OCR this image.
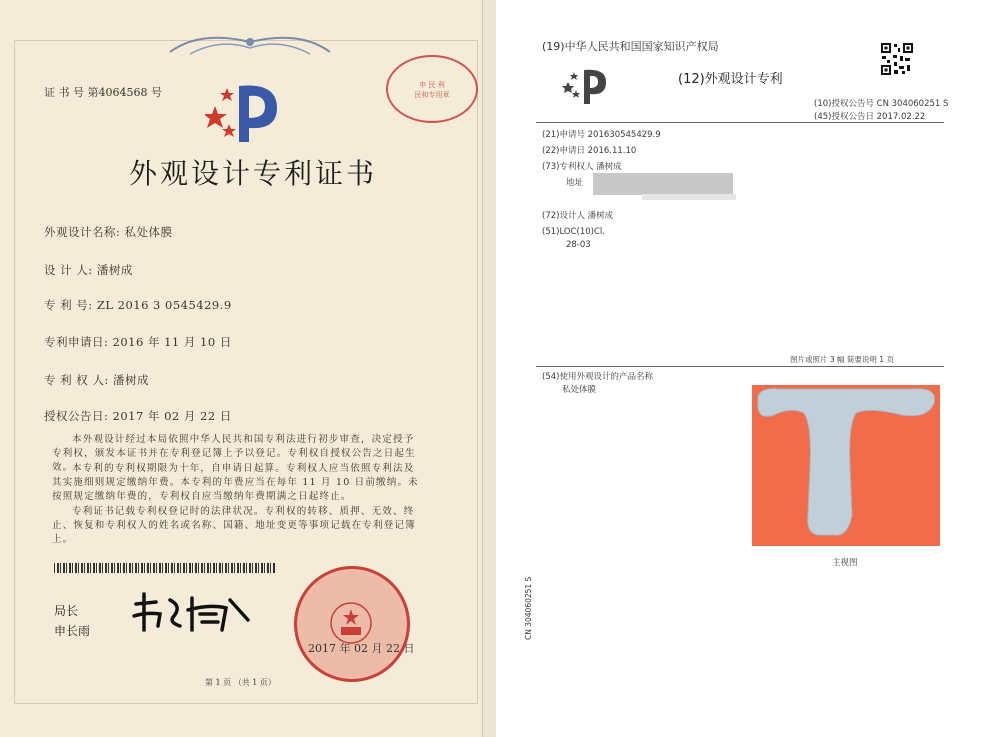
申 民 利
民和专用章
证 书 号 第4064568 号
外观设计专利证书
外观设计名称: 私处体膜
设 计 人: 潘树成
专 利 号: ZL 2016 3 0545429.9
专利申请日: 2016 年 11 月 10 日
专 利 权 人: 潘树成
授权公告日: 2017 年 02 月 22 日
本外观设计经过本局依照中华人民共和国专利法进行初步审查，决定授予专利权，颁发本证书并在专利登记簿上予以登记。专利权自授权公告之日起生效。
本专利的专利权期限为十年，自申请日起算。专利权人应当依照专利法及其实施细则规定缴纳年费。本专利的年费应当在每年 11 月 10 日前缴纳。未按照规定缴纳年费的，专利权自应当缴纳年费期满之日起终止。
专利证书记载专利权登记时的法律状况。专利权的转移、质押、无效、终止、恢复和专利权人的姓名或名称、国籍、地址变更等事项记载在专利登记簿上。
局长
申长雨
2017 年 02 月 22 日
第 1 页 （共 1 页）
(19)中华人民共和国国家知识产权局
(12)外观设计专利
(10)授权公告号 CN 304060251 S
(45)授权公告日 2017.02.22
(21)申请号 201630545429.9
(22)申请日 2016.11.10
(73)专利权人 潘树成
地址
(72)设计人 潘树成
(51)LOC(10)Cl.
28-03
图片或照片 3 幅 简要说明 1 页
(54)使用外观设计的产品名称
私处体膜
主视图
CN 304060251 S
